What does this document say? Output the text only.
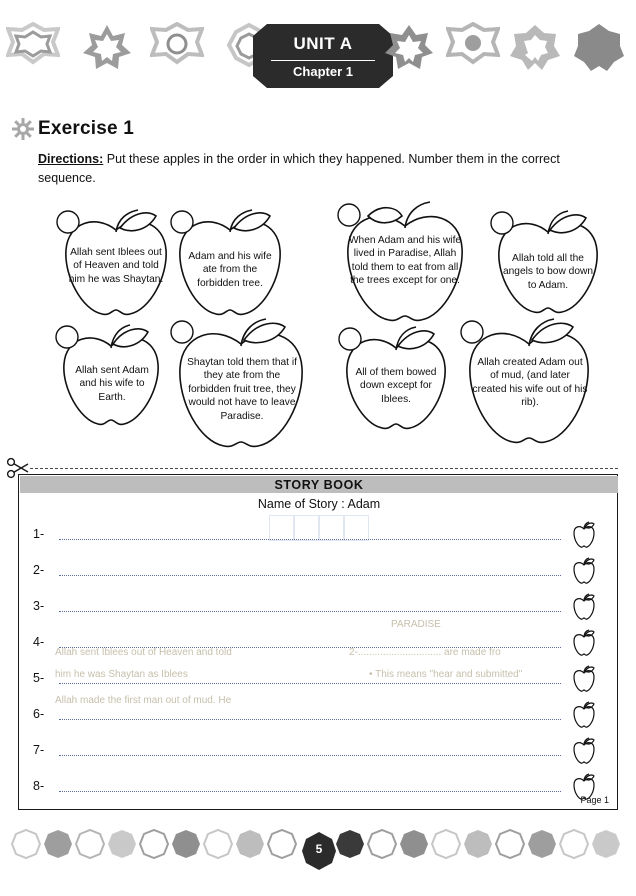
UNIT A
Chapter 1
Exercise 1
Directions: Put these apples in the order in which they happened. Number them in the correct sequence.
Allah sent Iblees out of Heaven and told him he was Shaytan.
Adam and his wife ate from the forbidden tree.
When Adam and his wife lived in Paradise, Allah told them to eat from all the trees except for one.
Allah told all the angels to bow down to Adam.
Allah sent Adam and his wife to Earth.
Shaytan told them that if they ate from the forbidden fruit tree, they would not have to leave Paradise.
All of them bowed down except for Iblees.
Allah created Adam out of mud, (and later created his wife out of his rib).
STORY BOOK
Name of Story : Adam
Allah sent Iblees out of Heaven and told
him he was Shaytan as Iblees
2-.............................. are made fro
• This means "hear and submitted"
Allah made the first man out of mud. He
PARADISE
1-
2-
3-
4-
5-
6-
7-
8-
Page 1
5
